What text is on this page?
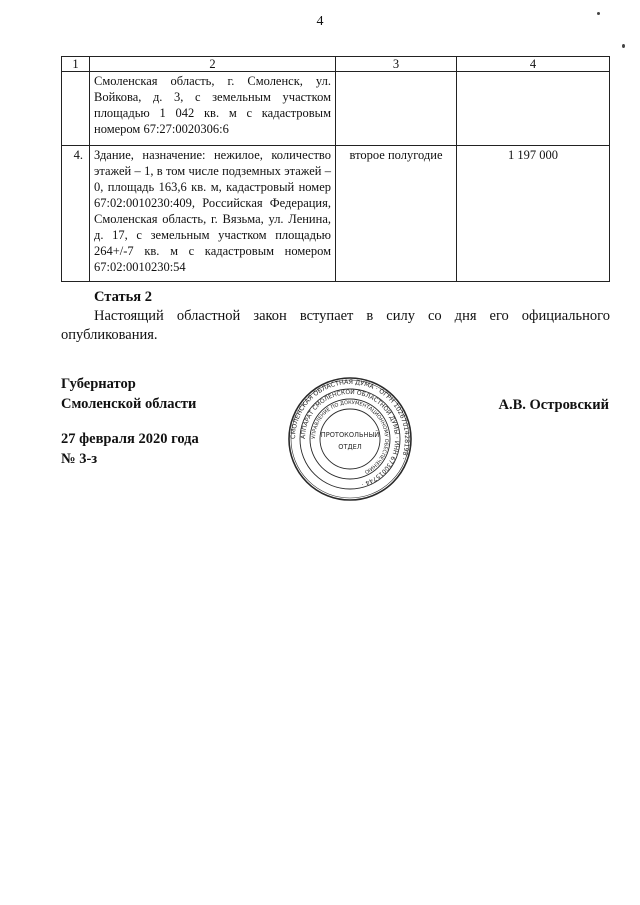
4
1	2	3	4
	Смоленская область, г. Смоленск, ул. Войкова, д. 3, с земельным участком площадью 1 042 кв. м с кадастровым номером 67:27:0020306:6		
4.	Здание, назначение: нежилое, количество этажей – 1, в том числе подземных этажей – 0, площадь 163,6 кв. м, кадастровый номер 67:02:0010230:409, Российская Федерация, Смоленская область, г. Вязьма, ул. Ленина, д. 17, с земельным участком площадью 264+/-7 кв. м с кадастровым номером 67:02:0010230:54	второе полугодие	1 197 000
Статья 2
Настоящий областной закон вступает в силу со дня его официального опубликования.
Губернатор
Смоленской области	А.В. Островский
27 февраля 2020 года
№ 3-з
СМОЛЕНСКАЯ ОБЛАСТНАЯ ДУМА · ОГРН 1026701428198 ·
АППАРАТ СМОЛЕНСКОЙ ОБЛАСТНОЙ ДУМЫ · ИНН 6730015744 ·
УПРАВЛЕНИЕ ПО ДОКУМЕНТАЦИОННОМУ ОБЕСПЕЧЕНИЮ
ПРОТОКОЛЬНЫЙ
ОТДЕЛ
